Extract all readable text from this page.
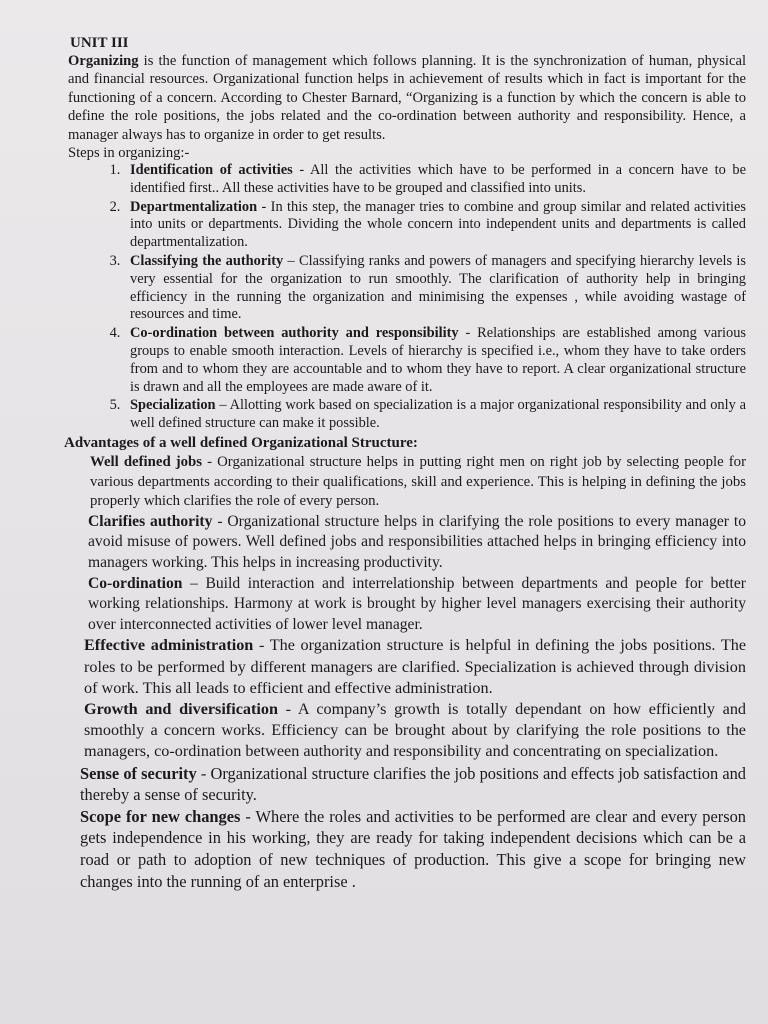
UNIT III

Organizing is the function of management which follows planning. It is the synchronization of human, physical and financial resources. Organizational function helps in achievement of results which in fact is important for the functioning of a concern. According to Chester Barnard, “Organizing is a function by which the concern is able to define the role positions, the jobs related and the co-ordination between authority and responsibility. Hence, a manager always has to organize in order to get results.

Steps in organizing:-
1. Identification of activities - All the activities which have to be performed in a concern have to be identified first.. All these activities have to be grouped and classified into units.
2. Departmentalization - In this step, the manager tries to combine and group similar and related activities into units or departments. Dividing the whole concern into independent units and departments is called departmentalization.
3. Classifying the authority – Classifying ranks and powers of managers and specifying hierarchy levels is very essential for the organization to run smoothly. The clarification of authority help in bringing efficiency in the running the organization and minimising the expenses , while avoiding wastage of resources and time.
4. Co-ordination between authority and responsibility - Relationships are established among various groups to enable smooth interaction. Levels of hierarchy is specified i.e., whom they have to take orders from and to whom they are accountable and to whom they have to report. A clear organizational structure is drawn and all the employees are made aware of it.
5. Specialization – Allotting work based on specialization is a major organizational responsibility and only a well defined structure can make it possible.
Advantages of a well defined Organizational Structure:

Well defined jobs - Organizational structure helps in putting right men on right job by selecting people for various departments according to their qualifications, skill and experience. This is helping in defining the jobs properly which clarifies the role of every person.

Clarifies authority - Organizational structure helps in clarifying the role positions to every manager to avoid misuse of powers. Well defined jobs and responsibilities attached helps in bringing efficiency into managers working. This helps in increasing productivity.

Co-ordination – Build interaction and interrelationship between departments and people for better working relationships. Harmony at work is brought by higher level managers exercising their authority over interconnected activities of lower level manager.

Effective administration - The organization structure is helpful in defining the jobs positions. The roles to be performed by different managers are clarified. Specialization is achieved through division of work. This all leads to efficient and effective administration.

Growth and diversification - A company’s growth is totally dependant on how efficiently and smoothly a concern works. Efficiency can be brought about by clarifying the role positions to the managers, co-ordination between authority and responsibility and concentrating on specialization.

Sense of security - Organizational structure clarifies the job positions and effects job satisfaction and thereby a sense of security.

Scope for new changes - Where the roles and activities to be performed are clear and every person gets independence in his working, they are ready for taking independent decisions which can be a road or path to adoption of new techniques of production. This give a scope for bringing new changes into the running of an enterprise .
